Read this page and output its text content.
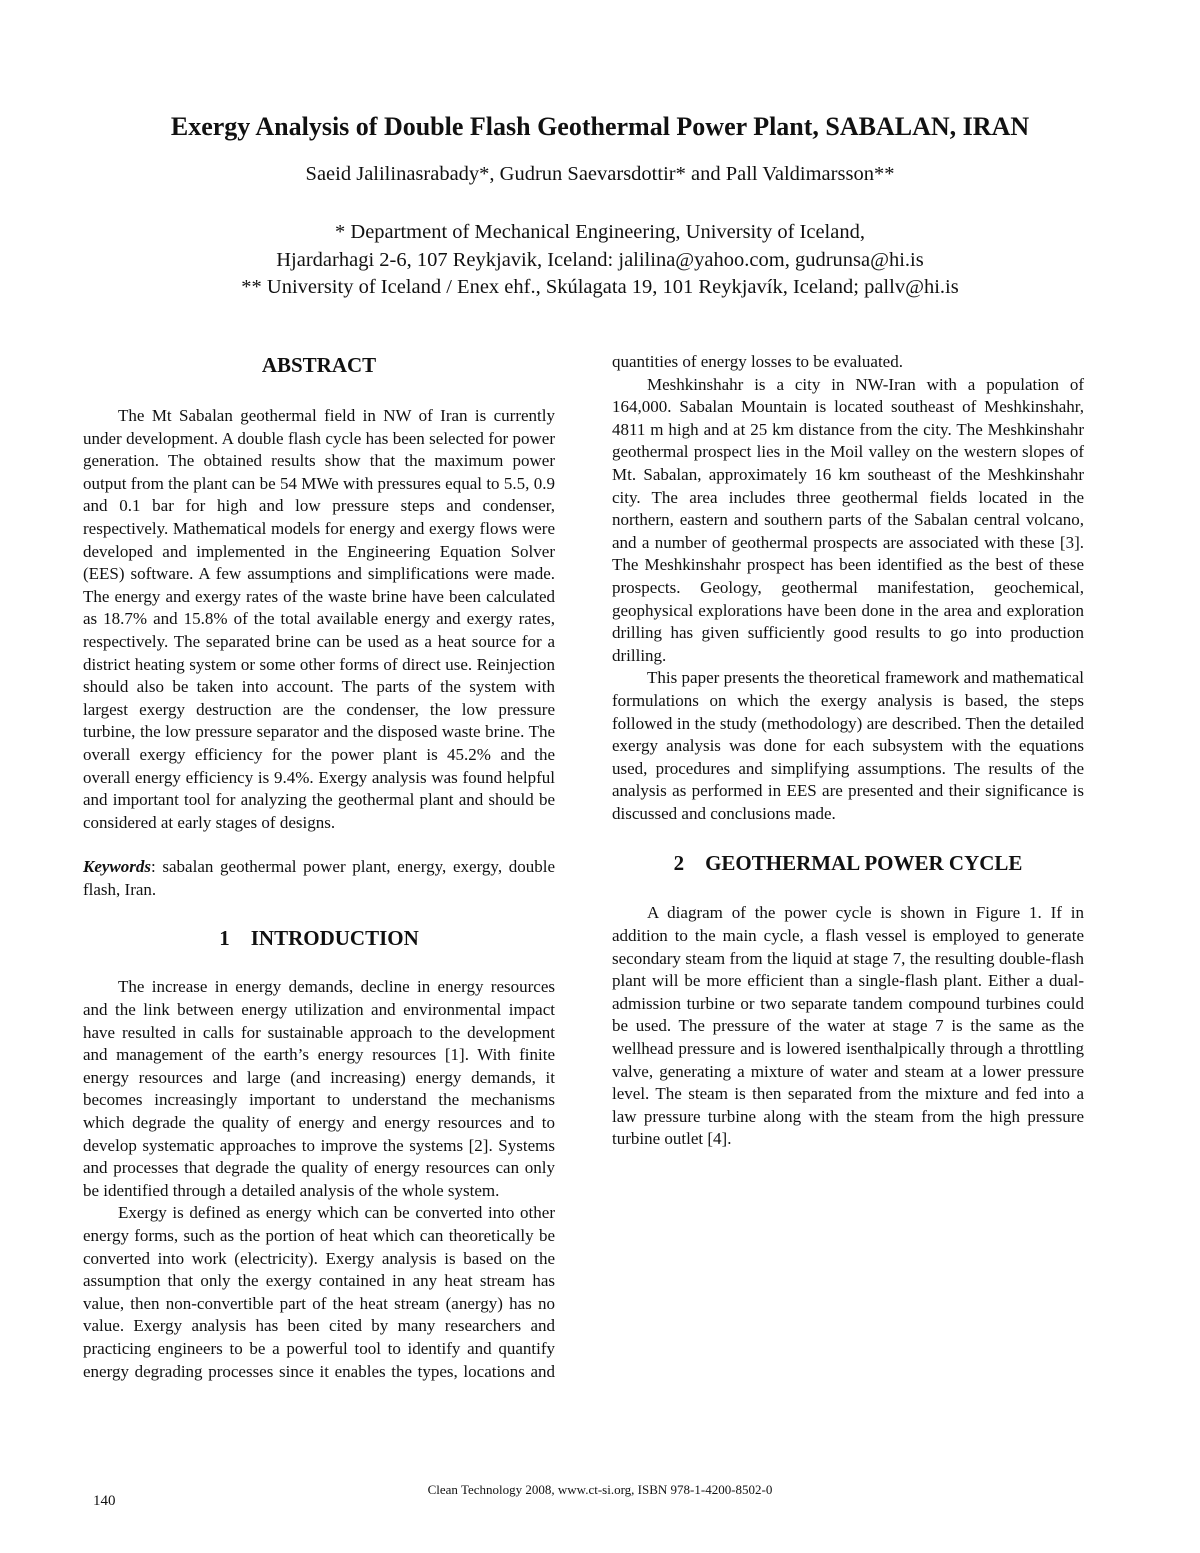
Exergy Analysis of Double Flash Geothermal Power Plant, SABALAN, IRAN
Saeid Jalilinasrabady*, Gudrun Saevarsdottir* and Pall Valdimarsson**
* Department of Mechanical Engineering, University of Iceland,
Hjardarhagi 2-6, 107 Reykjavik, Iceland: jalilina@yahoo.com, gudrunsa@hi.is
** University of Iceland / Enex ehf., Skúlagata 19, 101 Reykjavík, Iceland; pallv@hi.is
ABSTRACT

The Mt Sabalan geothermal field in NW of Iran is currently under development. A double flash cycle has been selected for power generation. The obtained results show that the maximum power output from the plant can be 54 MWe with pressures equal to 5.5, 0.9 and 0.1 bar for high and low pressure steps and condenser, respectively. Mathematical models for energy and exergy flows were developed and implemented in the Engineering Equation Solver (EES) software. A few assumptions and simplifications were made. The energy and exergy rates of the waste brine have been calculated as 18.7% and 15.8% of the total available energy and exergy rates, respectively. The separated brine can be used as a heat source for a district heating system or some other forms of direct use. Reinjection should also be taken into account. The parts of the system with largest exergy destruction are the condenser, the low pressure turbine, the low pressure separator and the disposed waste brine. The overall exergy efficiency for the power plant is 45.2% and the overall energy efficiency is 9.4%. Exergy analysis was found helpful and important tool for analyzing the geothermal plant and should be considered at early stages of designs.

Keywords: sabalan geothermal power plant, energy, exergy, double flash, Iran.

1    INTRODUCTION

The increase in energy demands, decline in energy resources and the link between energy utilization and environmental impact have resulted in calls for sustainable approach to the development and management of the earth’s energy resources [1]. With finite energy resources and large (and increasing) energy demands, it becomes increasingly important to understand the mechanisms which degrade the quality of energy and energy resources and to develop systematic approaches to improve the systems [2]. Systems and processes that degrade the quality of energy resources can only be identified through a detailed analysis of the whole system.

Exergy is defined as energy which can be converted into other energy forms, such as the portion of heat which can theoretically be converted into work (electricity). Exergy analysis is based on the assumption that only the exergy contained in any heat stream has value, then non-convertible part of the heat stream (anergy) has no value. Exergy analysis has been cited by many researchers and practicing engineers to be a powerful tool to identify and quantify energy degrading processes since it enables the types, locations and

quantities of energy losses to be evaluated.

Meshkinshahr is a city in NW-Iran with a population of 164,000. Sabalan Mountain is located southeast of Meshkinshahr, 4811 m high and at 25 km distance from the city. The Meshkinshahr geothermal prospect lies in the Moil valley on the western slopes of Mt. Sabalan, approximately 16 km southeast of the Meshkinshahr city. The area includes three geothermal fields located in the northern, eastern and southern parts of the Sabalan central volcano, and a number of geothermal prospects are associated with these [3]. The Meshkinshahr prospect has been identified as the best of these prospects. Geology, geothermal manifestation, geochemical, geophysical explorations have been done in the area and exploration drilling has given sufficiently good results to go into production drilling.

This paper presents the theoretical framework and mathematical formulations on which the exergy analysis is based, the steps followed in the study (methodology) are described. Then the detailed exergy analysis was done for each subsystem with the equations used, procedures and simplifying assumptions. The results of the analysis as performed in EES are presented and their significance is discussed and conclusions made.

2    GEOTHERMAL POWER CYCLE

A diagram of the power cycle is shown in Figure 1. If in addition to the main cycle, a flash vessel is employed to generate secondary steam from the liquid at stage 7, the resulting double-flash plant will be more efficient than a single-flash plant. Either a dual-admission turbine or two separate tandem compound turbines could be used. The pressure of the water at stage 7 is the same as the wellhead pressure and is lowered isenthalpically through a throttling valve, generating a mixture of water and steam at a lower pressure level. The steam is then separated from the mixture and fed into a law pressure turbine along with the steam from the high pressure turbine outlet [4].

Clean Technology 2008, www.ct-si.org, ISBN 978-1-4200-8502-0
140
